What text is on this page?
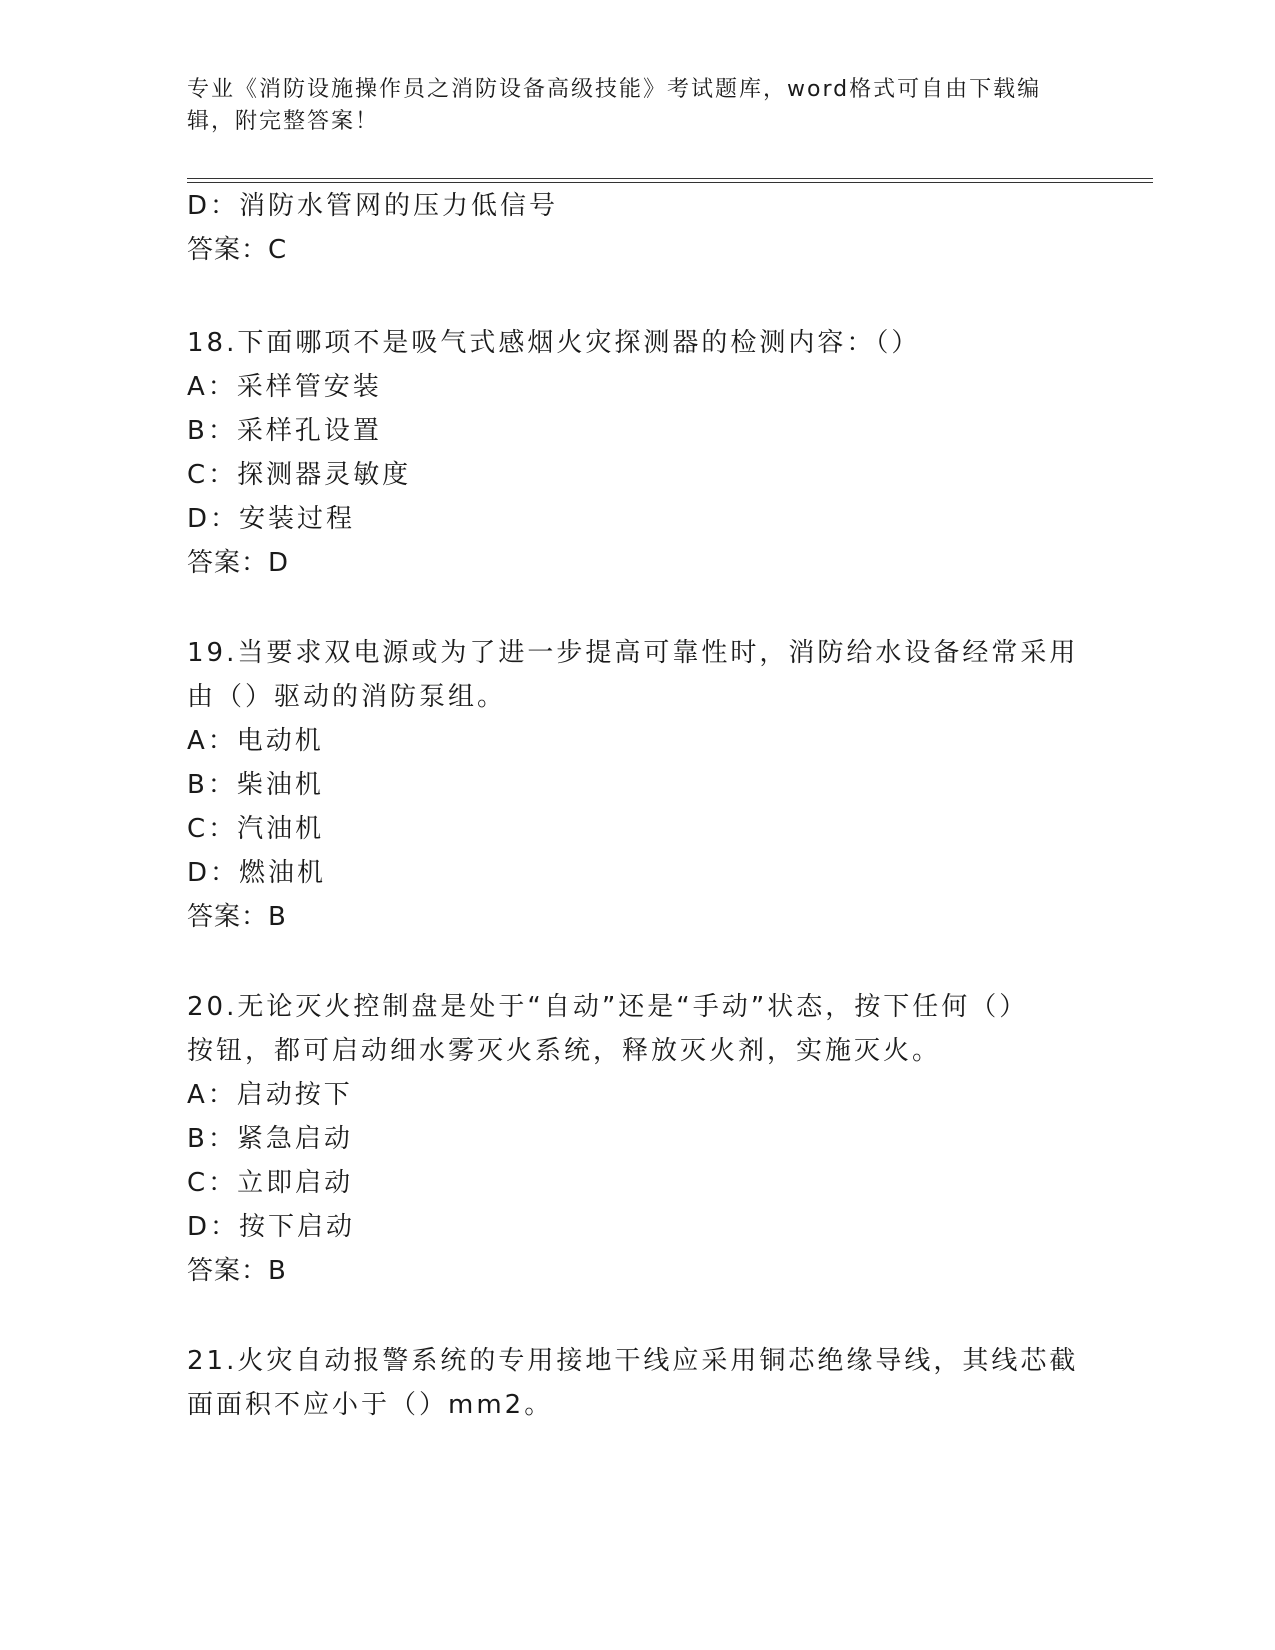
专业《消防设施操作员之消防设备高级技能》考试题库，word格式可自由下载编
辑，附完整答案！
D：消防水管网的压力低信号
答案：C
18.下面哪项不是吸气式感烟火灾探测器的检测内容：（）
A：采样管安装
B：采样孔设置
C：探测器灵敏度
D：安装过程
答案：D
19.当要求双电源或为了进一步提高可靠性时，消防给水设备经常采用
由（）驱动的消防泵组。
A：电动机
B：柴油机
C：汽油机
D：燃油机
答案：B
20.无论灭火控制盘是处于“自动”还是“手动”状态，按下任何（）
按钮，都可启动细水雾灭火系统，释放灭火剂，实施灭火。
A：启动按下
B：紧急启动
C：立即启动
D：按下启动
答案：B
21.火灾自动报警系统的专用接地干线应采用铜芯绝缘导线，其线芯截
面面积不应小于（）mm2。
